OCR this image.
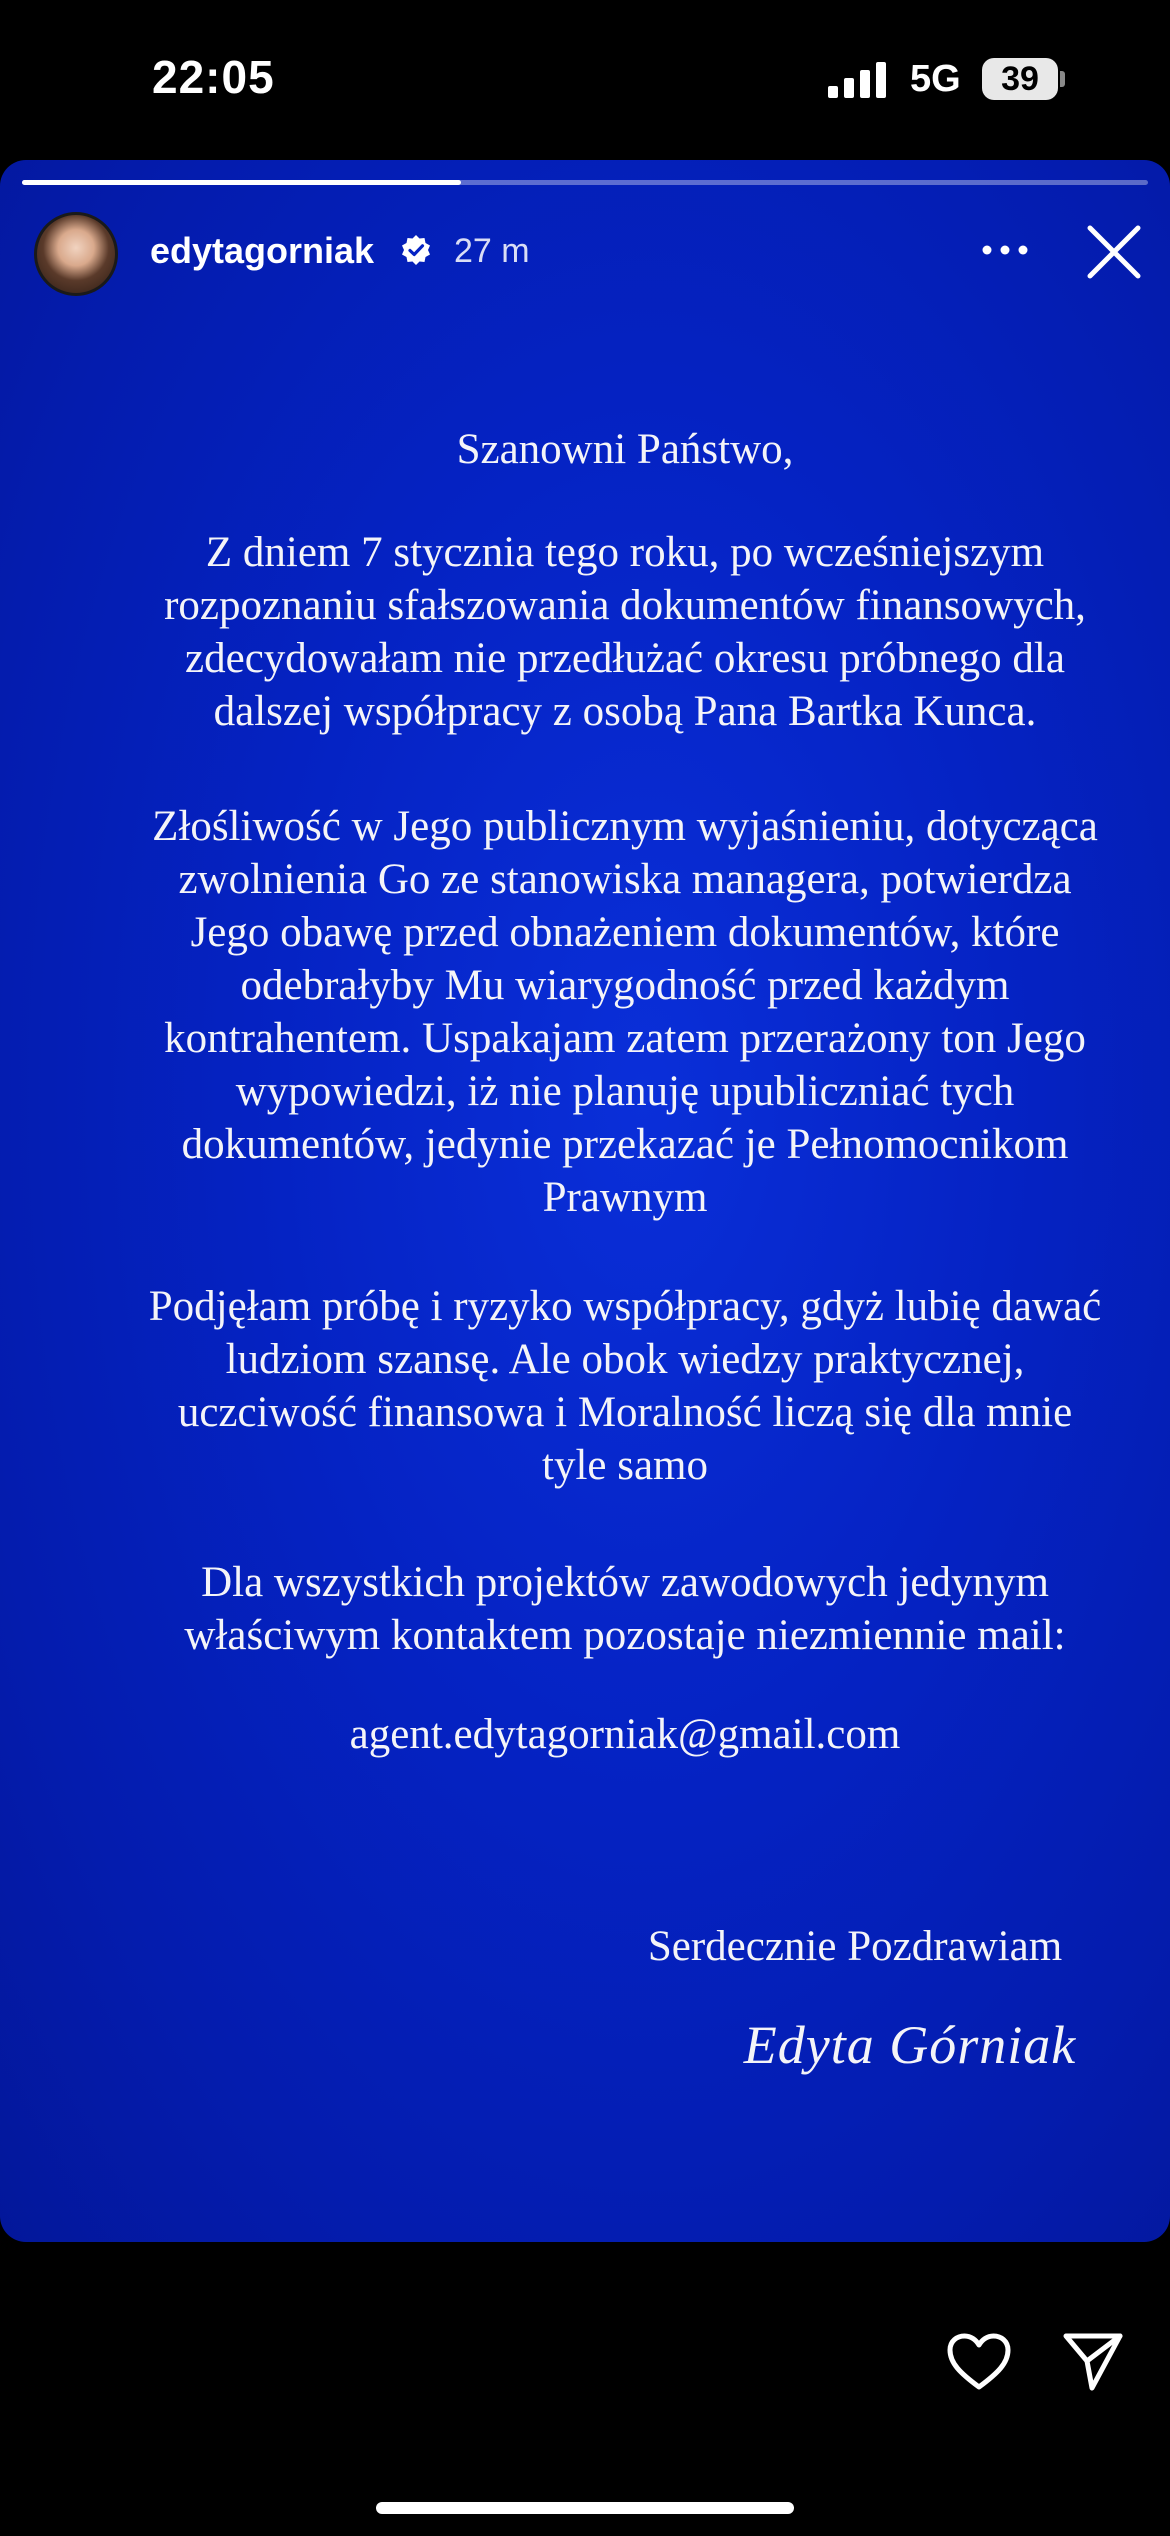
22:05	5G	39
edytagorniak 27 m

Szanowni Państwo,

Z dniem 7 stycznia tego roku, po wcześniejszym

rozpoznaniu sfałszowania dokumentów finansowych,

zdecydowałam nie przedłużać okresu próbnego dla

dalszej współpracy z osobą Pana Bartka Kunca.

Złośliwość w Jego publicznym wyjaśnieniu, dotycząca

zwolnienia Go ze stanowiska managera, potwierdza

Jego obawę przed obnażeniem dokumentów, które

odebrałyby Mu wiarygodność przed każdym

kontrahentem. Uspakajam zatem przerażony ton Jego

wypowiedzi, iż nie planuję upubliczniać tych

dokumentów, jedynie przekazać je Pełnomocnikom

Prawnym

Podjęłam próbę i ryzyko współpracy, gdyż lubię dawać

ludziom szansę. Ale obok wiedzy praktycznej,

uczciwość finansowa i Moralność liczą się dla mnie

tyle samo

Dla wszystkich projektów zawodowych jedynym

właściwym kontaktem pozostaje niezmiennie mail:

agent.edytagorniak@gmail.com

Serdecznie Pozdrawiam

Edyta Górniak
